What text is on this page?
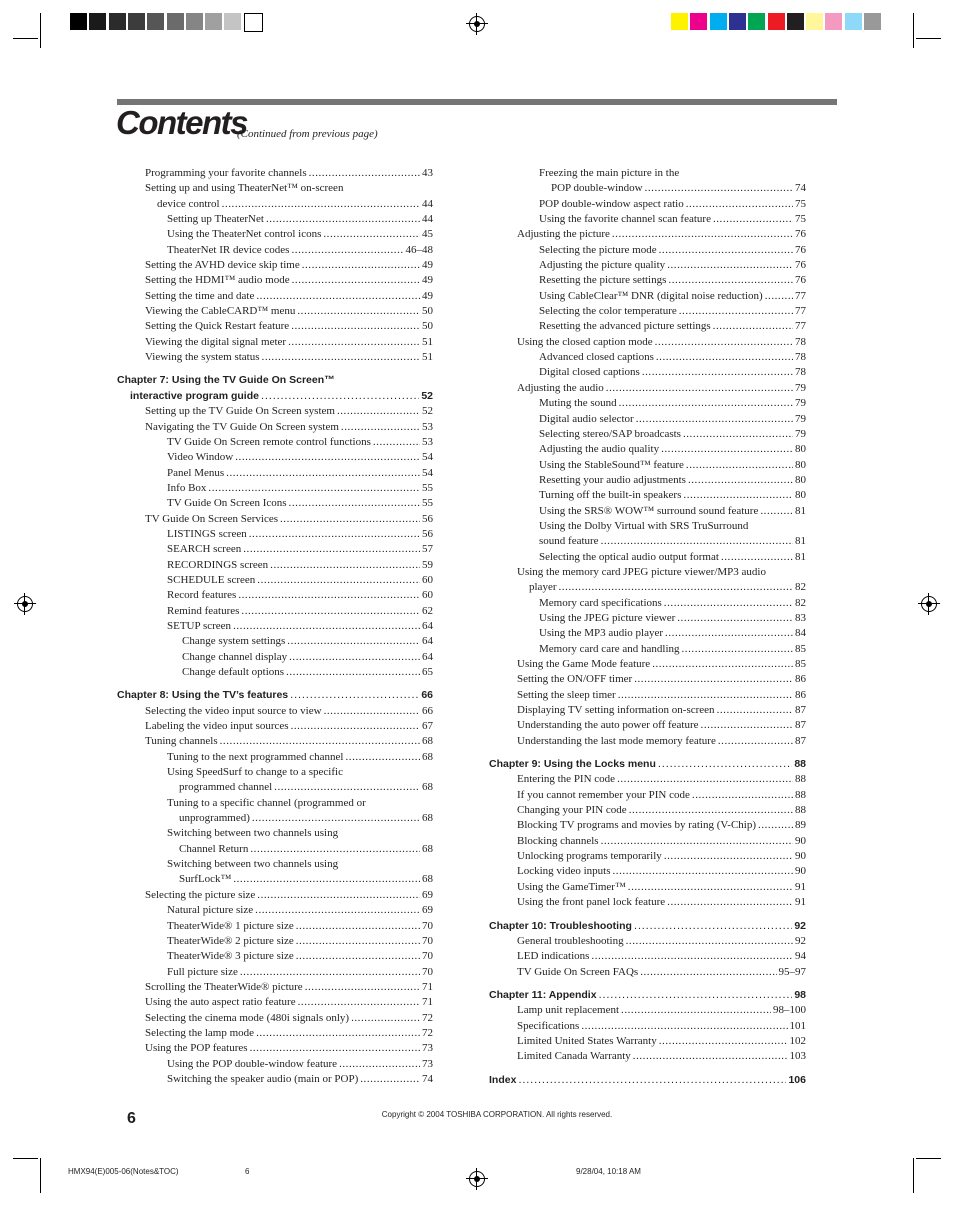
Contents
(Continued from previous page)
Programming your favorite channels . . .	43
Setting up and using TheaterNet™ on-screen
device control . . .	44
Setting up TheaterNet . . .	44
Using the TheaterNet control icons . . .	45
TheaterNet IR device codes . . .	46–48
Setting the AVHD device skip time . . .	49
Setting the HDMI™ audio mode . . .	49
Setting the time and date . . .	49
Viewing the CableCARD™ menu . . .	50
Setting the Quick Restart feature . . .	50
Viewing the digital signal meter . . .	51
Viewing the system status . . .	51
Chapter 7: Using the TV Guide On Screen™
interactive program guide . . .	52
Setting up the TV Guide On Screen system . . .	52
Navigating the TV Guide On Screen system . . .	53
TV Guide On Screen remote control functions . . .	53
Video Window . . .	54
Panel Menus . . .	54
Info Box . . .	55
TV Guide On Screen Icons . . .	55
TV Guide On Screen Services . . .	56
LISTINGS screen . . .	56
SEARCH screen . . .	57
RECORDINGS screen . . .	59
SCHEDULE screen . . .	60
Record features . . .	60
Remind features . . .	62
SETUP screen . . .	64
Change system settings . . .	64
Change channel display . . .	64
Change default options . . .	65
Chapter 8: Using the TV’s features . . .	66
Selecting the video input source to view . . .	66
Labeling the video input sources . . .	67
Tuning channels . . .	68
Tuning to the next programmed channel . . .	68
Using SpeedSurf to change to a specific
programmed channel . . .	68
Tuning to a specific channel (programmed or
unprogrammed) . . .	68
Switching between two channels using
Channel Return . . .	68
Switching between two channels using
SurfLock™ . . .	68
Selecting the picture size . . .	69
Natural picture size . . .	69
TheaterWide® 1 picture size . . .	70
TheaterWide® 2 picture size . . .	70
TheaterWide® 3 picture size . . .	70
Full picture size . . .	70
Scrolling the TheaterWide® picture . . .	71
Using the auto aspect ratio feature . . .	71
Selecting the cinema mode (480i signals only) . . .	72
Selecting the lamp mode . . .	72
Using the POP features . . .	73
Using the POP double-window feature . . .	73
Switching the speaker audio (main or POP) . . .	74
Freezing the main picture in the
POP double-window . . .	74
POP double-window aspect ratio . . .	75
Using the favorite channel scan feature . . .	75
Adjusting the picture . . .	76
Selecting the picture mode . . .	76
Adjusting the picture quality . . .	76
Resetting the picture settings . . .	76
Using CableClear™ DNR (digital noise reduction) . . .	77
Selecting the color temperature . . .	77
Resetting the advanced picture settings . . .	77
Using the closed caption mode . . .	78
Advanced closed captions . . .	78
Digital closed captions . . .	78
Adjusting the audio . . .	79
Muting the sound . . .	79
Digital audio selector . . .	79
Selecting stereo/SAP broadcasts . . .	79
Adjusting the audio quality . . .	80
Using the StableSound™ feature . . .	80
Resetting your audio adjustments . . .	80
Turning off the built-in speakers . . .	80
Using the SRS® WOW™ surround sound feature . . .	81
Using the Dolby Virtual with SRS TruSurround
sound feature . . .	81
Selecting the optical audio output format . . .	81
Using the memory card JPEG picture viewer/MP3 audio
player . . .	82
Memory card specifications . . .	82
Using the JPEG picture viewer . . .	83
Using the MP3 audio player . . .	84
Memory card care and handling . . .	85
Using the Game Mode feature . . .	85
Setting the ON/OFF timer . . .	86
Setting the sleep timer . . .	86
Displaying TV setting information on-screen . . .	87
Understanding the auto power off feature . . .	87
Understanding the last mode memory feature . . .	87
Chapter 9: Using the Locks menu . . .	88
Entering the PIN code . . .	88
If you cannot remember your PIN code . . .	88
Changing your PIN code . . .	88
Blocking TV programs and movies by rating (V-Chip) . . .	89
Blocking channels . . .	90
Unlocking programs temporarily . . .	90
Locking video inputs . . .	90
Using the GameTimer™ . . .	91
Using the front panel lock feature . . .	91
Chapter 10: Troubleshooting . . .	92
General troubleshooting . . .	92
LED indications . . .	94
TV Guide On Screen FAQs . . .	95–97
Chapter 11: Appendix . . .	98
Lamp unit replacement . . .	98–100
Specifications . . .	101
Limited United States Warranty . . .	102
Limited Canada Warranty . . .	103
Index . . .	106
6	Copyright © 2004 TOSHIBA CORPORATION. All rights reserved.
HMX94(E)005-06(Notes&TOC)	6	9/28/04, 10:18 AM
